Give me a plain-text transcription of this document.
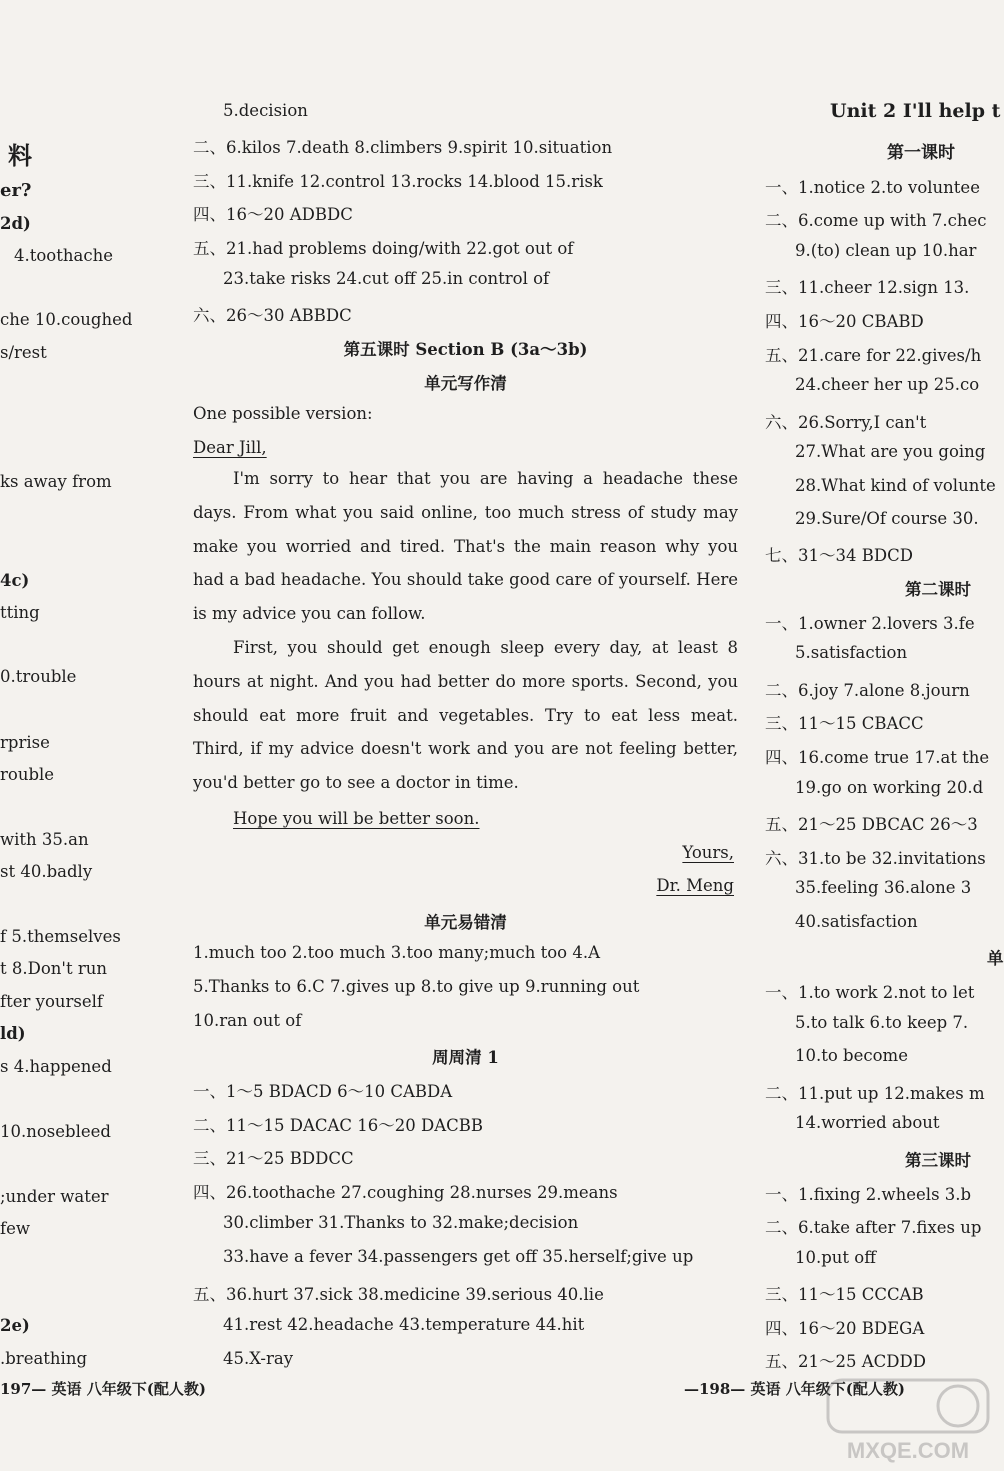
料
er?
2d)
4.toothache
che 10.coughed
s/rest
ks away from
4c)
tting
0.trouble
rprise
rouble
with 35.an
st 40.badly
f 5.themselves
t 8.Don't run
fter yourself
ld)
s 4.happened
10.nosebleed
;under water
few
2e)
.breathing
5.decision
二、6.kilos 7.death 8.climbers 9.spirit 10.situation
三、11.knife 12.control 13.rocks 14.blood 15.risk
四、16～20 ADBDC
五、21.had problems doing/with 22.got out of
23.take risks 24.cut off 25.in control of
六、26～30 ABBDC
第五课时 Section B (3a～3b)
单元写作清
One possible version:
Dear Jill,
I'm sorry to hear that you are having a headache these days. From what you said online, too much stress of study may make you worried and tired. That's the main reason why you had a bad headache. You should take good care of yourself. Here is my advice you can follow.
First, you should get enough sleep every day, at least 8 hours at night. And you had better do more sports. Second, you should eat more fruit and vegetables. Try to eat less meat. Third, if my advice doesn't work and you are not feeling better, you'd better go to see a doctor in time.
Hope you will be better soon.
Yours,
Dr. Meng
单元易错清
1.much too 2.too much 3.too many;much too 4.A
5.Thanks to 6.C 7.gives up 8.to give up 9.running out
10.ran out of
周周清 1
一、1～5 BDACD 6～10 CABDA
二、11～15 DACAC 16～20 DACBB
三、21～25 BDDCC
四、26.toothache 27.coughing 28.nurses 29.means
30.climber 31.Thanks to 32.make;decision
33.have a fever 34.passengers get off 35.herself;give up
五、36.hurt 37.sick 38.medicine 39.serious 40.lie
41.rest 42.headache 43.temperature 44.hit
45.X-ray
Unit 2 I'll help t
第一课时
一、1.notice 2.to voluntee
二、6.come up with 7.chec
9.(to) clean up 10.har
三、11.cheer 12.sign 13.
四、16～20 CBABD
五、21.care for 22.gives/h
24.cheer her up 25.co
六、26.Sorry,I can't
27.What are you going
28.What kind of volunte
29.Sure/Of course 30.
七、31～34 BDCD
第二课时
一、1.owner 2.lovers 3.fe
5.satisfaction
二、6.joy 7.alone 8.journ
三、11～15 CBACC
四、16.come true 17.at the
19.go on working 20.d
五、21～25 DBCAC 26～3
六、31.to be 32.invitations
35.feeling 36.alone 3
40.satisfaction
单
一、1.to work 2.not to let
5.to talk 6.to keep 7.
10.to become
二、11.put up 12.makes m
14.worried about
第三课时
一、1.fixing 2.wheels 3.b
二、6.take after 7.fixes up
10.put off
三、11～15 CCCAB
四、16～20 BDEGA
五、21～25 ACDDD
197— 英语 八年级下(配人教)	—198— 英语 八年级下(配人教)
MXQE.COM
